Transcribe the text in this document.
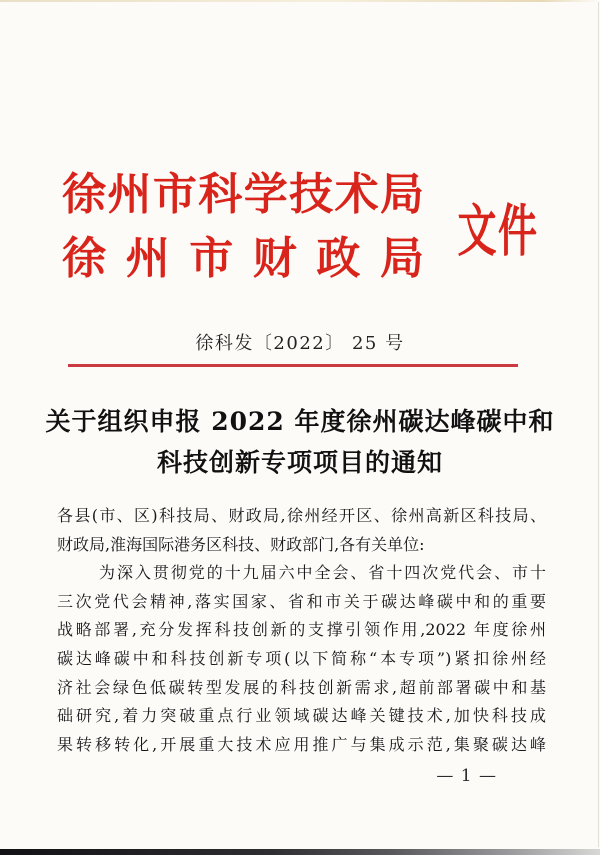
徐州市科学技术局
徐州市财政局 文件
徐科发〔2022〕 25 号
关于组织申报 2022 年度徐州碳达峰碳中和
科技创新专项项目的通知

各县(市、区)科技局、财政局,徐州经开区、徐州高新区科技局、

财政局,淮海国际港务区科技、财政部门,各有关单位:

为深入贯彻党的十九届六中全会、省十四次党代会、市十

三次党代会精神,落实国家、省和市关于碳达峰碳中和的重要

战略部署,充分发挥科技创新的支撑引领作用,2022 年度徐州

碳达峰碳中和科技创新专项(以下简称“本专项”)紧扣徐州经

济社会绿色低碳转型发展的科技创新需求,超前部署碳中和基

础研究,着力突破重点行业领域碳达峰关键技术,加快科技成

果转移转化,开展重大技术应用推广与集成示范,集聚碳达峰

— 1 —
